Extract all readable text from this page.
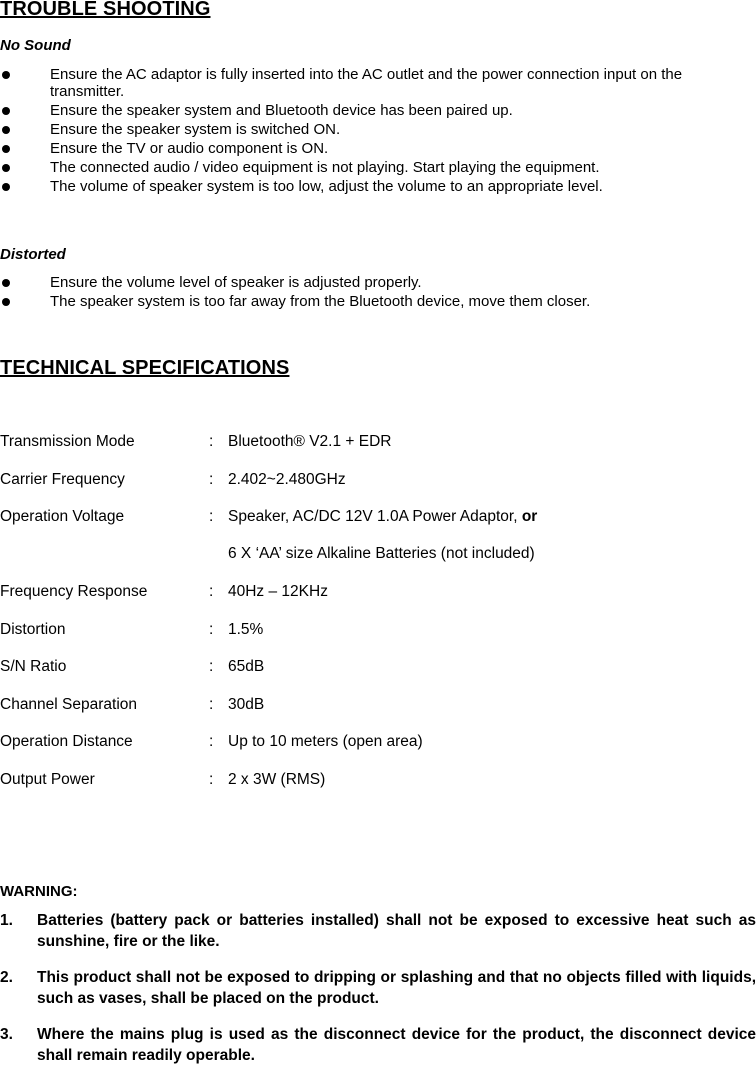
TROUBLE SHOOTING

No Sound

Ensure the AC adaptor is fully inserted into the AC outlet and the power connection input on the transmitter.
Ensure the speaker system and Bluetooth device has been paired up.
Ensure the speaker system is switched ON.
Ensure the TV or audio component is ON.
The connected audio / video equipment is not playing. Start playing the equipment.
The volume of speaker system is too low, adjust the volume to an appropriate level.

Distorted

Ensure the volume level of speaker is adjusted properly.
The speaker system is too far away from the Bluetooth device, move them closer.
TECHNICAL SPECIFICATIONS
Transmission Mode	: Bluetooth® V2.1 + EDR
Carrier Frequency	: 2.402~2.480GHz
Operation Voltage	: Speaker, AC/DC 12V 1.0A Power Adaptor, or
6 X ‘AA’ size Alkaline Batteries (not included)
Frequency Response	: 40Hz – 12KHz
Distortion	: 1.5%
S/N Ratio	: 65dB
Channel Separation	: 30dB
Operation Distance	: Up to 10 meters (open area)
Output Power	: 2 x 3W (RMS)

WARNING:

1. Batteries (battery pack or batteries installed) shall not be exposed to excessive heat such as sunshine, fire or the like.
2. This product shall not be exposed to dripping or splashing and that no objects filled with liquids, such as vases, shall be placed on the product.
3. Where the mains plug is used as the disconnect device for the product, the disconnect device shall remain readily operable.
